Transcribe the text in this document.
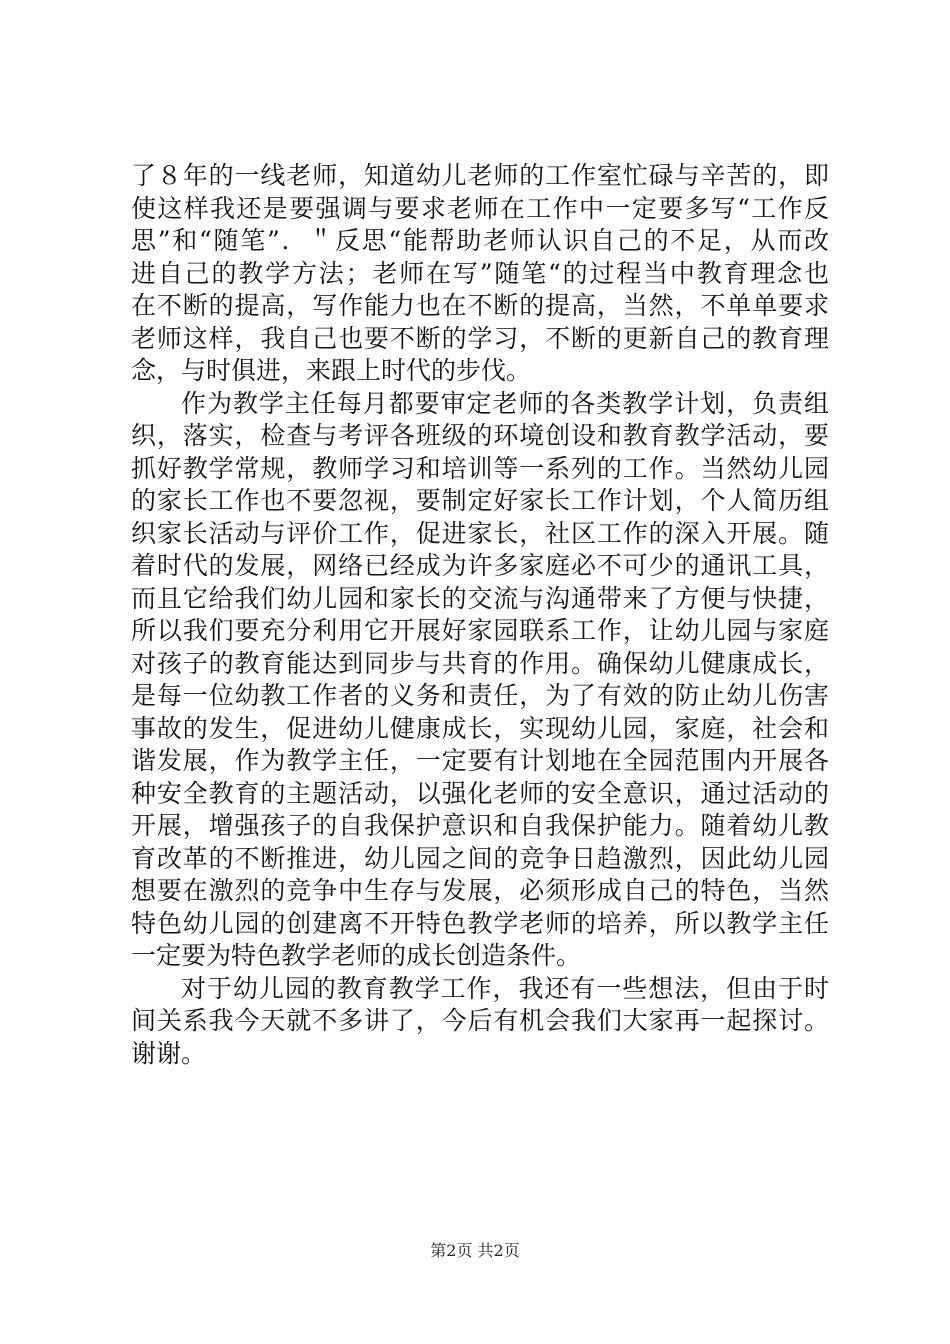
了８年的一线老师，知道幼儿老师的工作室忙碌与辛苦的，即
使这样我还是要强调与要求老师在工作中一定要多写“工作反
思”和“随笔”．＂反思“能帮助老师认识自己的不足，从而改
进自己的教学方法；老师在写”随笔“的过程当中教育理念也
在不断的提高，写作能力也在不断的提高，当然，不单单要求
老师这样，我自己也要不断的学习，不断的更新自己的教育理
念，与时俱进，来跟上时代的步伐。
作为教学主任每月都要审定老师的各类教学计划，负责组
织，落实，检查与考评各班级的环境创设和教育教学活动，要
抓好教学常规，教师学习和培训等一系列的工作。当然幼儿园
的家长工作也不要忽视，要制定好家长工作计划，个人简历组
织家长活动与评价工作，促进家长，社区工作的深入开展。随
着时代的发展，网络已经成为许多家庭必不可少的通讯工具，
而且它给我们幼儿园和家长的交流与沟通带来了方便与快捷，
所以我们要充分利用它开展好家园联系工作，让幼儿园与家庭
对孩子的教育能达到同步与共育的作用。确保幼儿健康成长，
是每一位幼教工作者的义务和责任，为了有效的防止幼儿伤害
事故的发生，促进幼儿健康成长，实现幼儿园，家庭，社会和
谐发展，作为教学主任，一定要有计划地在全园范围内开展各
种安全教育的主题活动，以强化老师的安全意识，通过活动的
开展，增强孩子的自我保护意识和自我保护能力。随着幼儿教
育改革的不断推进，幼儿园之间的竞争日趋激烈，因此幼儿园
想要在激烈的竞争中生存与发展，必须形成自己的特色，当然
特色幼儿园的创建离不开特色教学老师的培养，所以教学主任
一定要为特色教学老师的成长创造条件。
对于幼儿园的教育教学工作，我还有一些想法，但由于时
间关系我今天就不多讲了，今后有机会我们大家再一起探讨。
谢谢。
第2页 共2页
